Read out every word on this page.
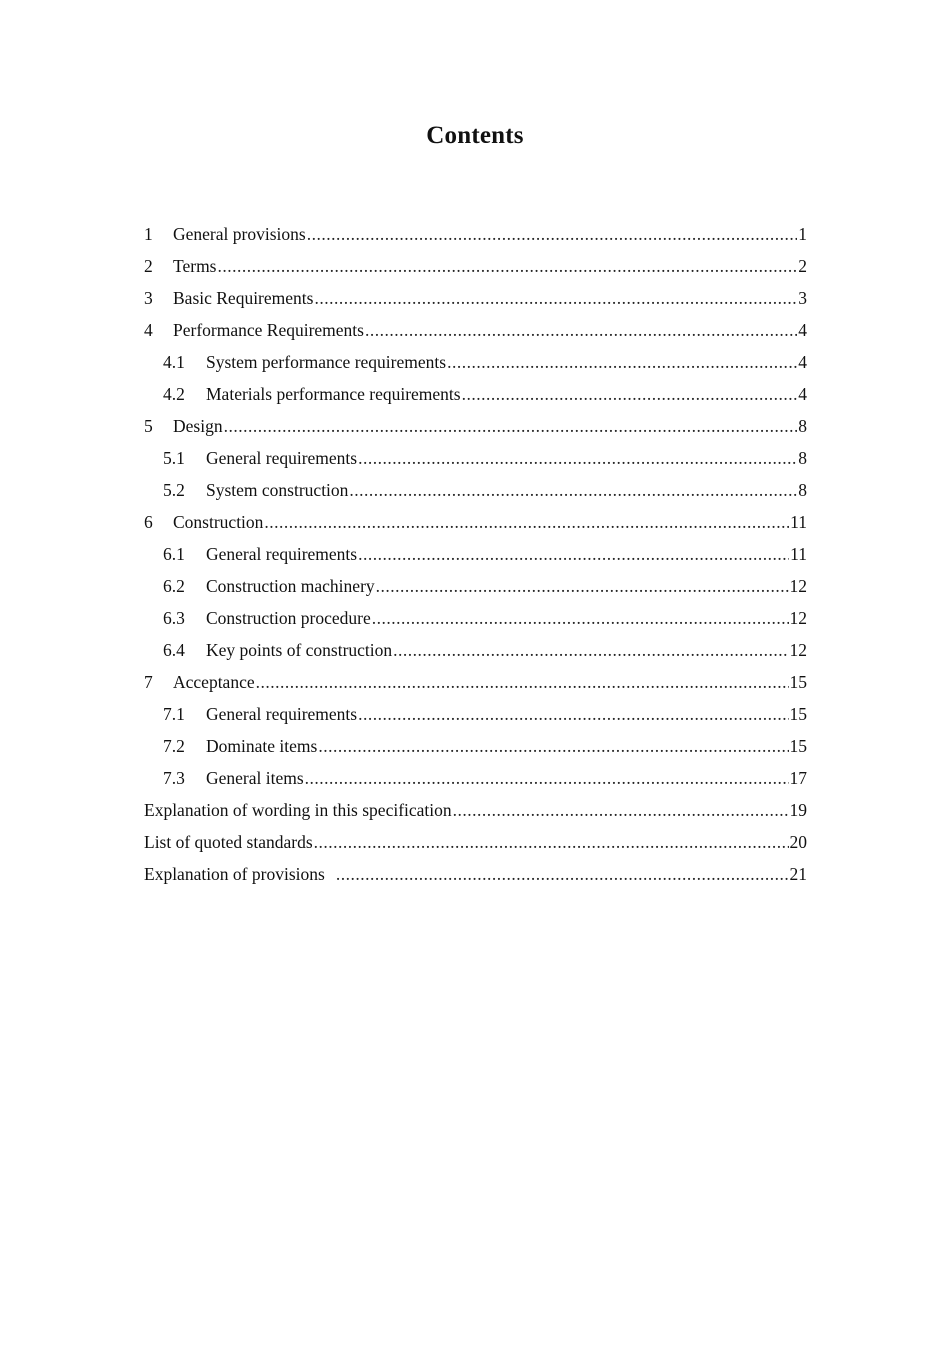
Contents
1	General provisions .....	1
2	Terms .....	2
3	Basic Requirements .....	3
4	Performance Requirements .....	4
4.1	System performance requirements .....	4
4.2	Materials performance requirements .....	4
5	Design .....	8
5.1	General requirements .....	8
5.2	System construction .....	8
6	Construction .....	11
6.1	General requirements .....	11
6.2	Construction machinery .....	12
6.3	Construction procedure .....	12
6.4	Key points of construction .....	12
7	Acceptance .....	15
7.1	General requirements .....	15
7.2	Dominate items .....	15
7.3	General items .....	17
Explanation of wording in this specification .....	19
List of quoted standards .....	20
Explanation of provisions .....	21
